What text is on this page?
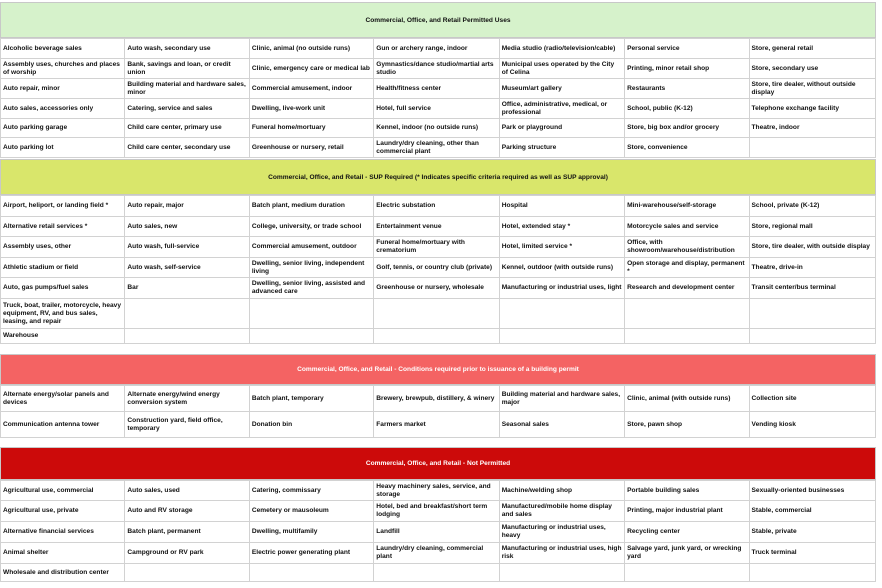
Commercial, Office, and Retail Permitted Uses
Alcoholic beverage sales	Auto wash, secondary use	Clinic, animal (no outside runs)	Gun or archery range, indoor	Media studio (radio/television/cable)	Personal service	Store, general retail
Assembly uses, churches and places of worship	Bank, savings and loan, or credit union	Clinic, emergency care or medical lab	Gymnastics/dance studio/martial arts studio	Municipal uses operated by the City of Celina	Printing, minor retail shop	Store, secondary use
Auto repair, minor	Building material and hardware sales, minor	Commercial amusement, indoor	Health/fitness center	Museum/art gallery	Restaurants	Store, tire dealer, without outside display
Auto sales, accessories only	Catering, service and sales	Dwelling, live-work unit	Hotel, full service	Office, administrative, medical, or professional	School, public (K-12)	Telephone exchange facility
Auto parking garage	Child care center, primary use	Funeral home/mortuary	Kennel, indoor (no outside runs)	Park or playground	Store, big box and/or grocery	Theatre, indoor
Auto parking lot	Child care center, secondary use	Greenhouse or nursery, retail	Laundry/dry cleaning, other than commercial plant	Parking structure	Store, convenience	
Commercial, Office, and Retail - SUP Required (* Indicates specific criteria required as well as SUP approval)
Airport, heliport, or landing field *	Auto repair, major	Batch plant, medium duration	Electric substation	Hospital	Mini-warehouse/self-storage	School, private (K-12)
Alternative retail services *	Auto sales, new	College, university, or trade school	Entertainment venue	Hotel, extended stay *	Motorcycle sales and service	Store, regional mall
Assembly uses, other	Auto wash, full-service	Commercial amusement, outdoor	Funeral home/mortuary with crematorium	Hotel, limited service *	Office, with showroom/warehouse/distribution	Store, tire dealer, with outside display
Athletic stadium or field	Auto wash, self-service	Dwelling, senior living, independent living	Golf, tennis, or country club (private)	Kennel, outdoor (with outside runs)	Open storage and display, permanent *	Theatre, drive-in
Auto, gas pumps/fuel sales	Bar	Dwelling, senior living, assisted and advanced care	Greenhouse or nursery, wholesale	Manufacturing or industrial uses, light	Research and development center	Transit center/bus terminal
Truck, boat, trailer, motorcycle, heavy equipment, RV, and bus sales, leasing, and repair						
Warehouse						
Commercial, Office, and Retail - Conditions required prior to issuance of a building permit
Alternate energy/solar panels and devices	Alternate energy/wind energy conversion system	Batch plant, temporary	Brewery, brewpub, distillery, & winery	Building material and hardware sales, major	Clinic, animal (with outside runs)	Collection site
Communication antenna tower	Construction yard, field office, temporary	Donation bin	Farmers market	Seasonal sales	Store, pawn shop	Vending kiosk
Commercial, Office, and Retail - Not Permitted
Agricultural use, commercial	Auto sales, used	Catering, commissary	Heavy machinery sales, service, and storage	Machine/welding shop	Portable building sales	Sexually-oriented businesses
Agricultural use, private	Auto and RV storage	Cemetery or mausoleum	Hotel, bed and breakfast/short term lodging	Manufactured/mobile home display and sales	Printing, major industrial plant	Stable, commercial
Alternative financial services	Batch plant, permanent	Dwelling, multifamily	Landfill	Manufacturing or industrial uses, heavy	Recycling center	Stable, private
Animal shelter	Campground or RV park	Electric power generating plant	Laundry/dry cleaning, commercial plant	Manufacturing or industrial uses, high risk	Salvage yard, junk yard, or wrecking yard	Truck terminal
Wholesale and distribution center						
